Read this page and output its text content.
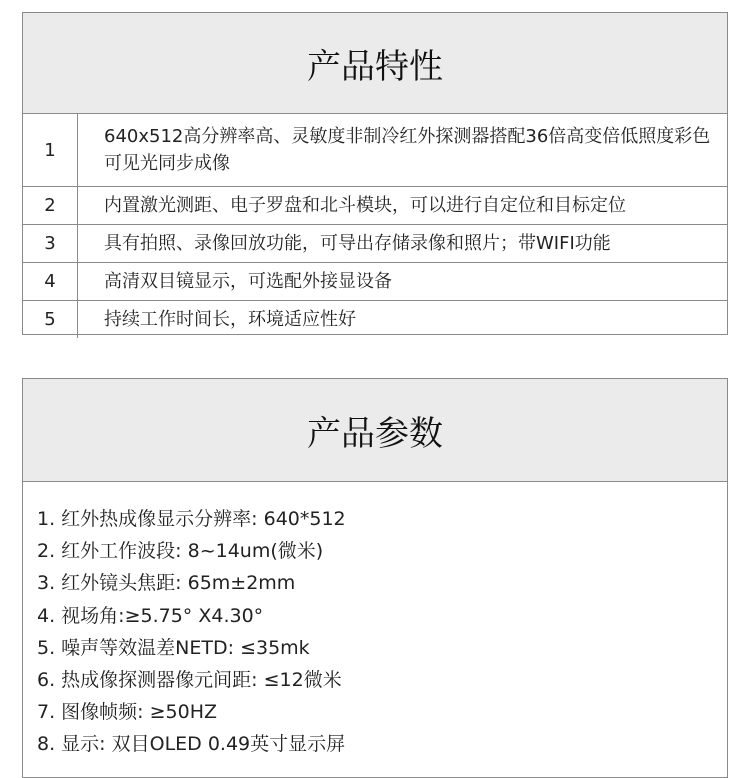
产品特性
1	640x512高分辨率高、灵敏度非制冷红外探测器搭配36倍高变倍低照度彩色可见光同步成像
2	内置激光测距、电子罗盘和北斗模块，可以进行自定位和目标定位
3	具有拍照、录像回放功能，可导出存储录像和照片；带WIFI功能
4	高清双目镜显示，可选配外接显设备
5	持续工作时间长，环境适应性好
产品参数
1. 红外热成像显示分辨率: 640*512
2. 红外工作波段: 8~14um(微米)
3. 红外镜头焦距: 65m±2mm
4. 视场角:≥5.75° X4.30°
5. 噪声等效温差NETD: ≤35mk
6. 热成像探测器像元间距: ≤12微米
7. 图像帧频: ≥50HZ
8. 显示: 双目OLED 0.49英寸显示屏
